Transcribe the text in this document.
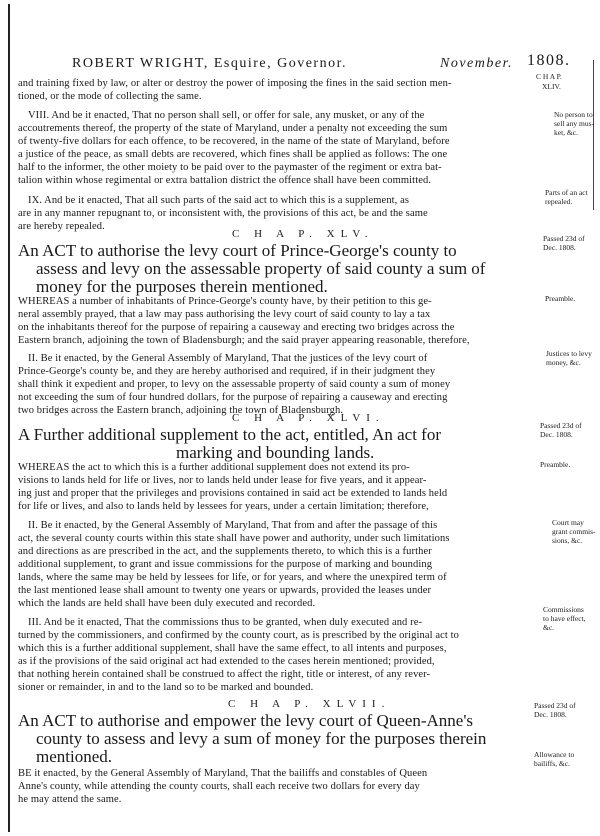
ROBERT WRIGHT, Esquire, Governor.	November. 1808.
and training fixed by law, or alter or destroy the power of imposing the fines in the said section men-
tioned, or the mode of collecting the same.
VIII. And be it enacted, That no person shall sell, or offer for sale, any musket, or any of the
accoutrements thereof, the property of the state of Maryland, under a penalty not exceeding the sum
of twenty-five dollars for each offence, to be recovered, in the name of the state of Maryland, before
a justice of the peace, as small debts are recovered, which fines shall be applied as follows: The one
half to the informer, the other moiety to be paid over to the paymaster of the regiment or extra bat-
talion within whose regimental or extra battalion district the offence shall have been committed.
IX. And be it enacted, That all such parts of the said act to which this is a supplement, as
are in any manner repugnant to, or inconsistent with, the provisions of this act, be and the same
are hereby repealed.
C H A P. XLV.
An ACT to authorise the levy court of Prince-George's county to
assess and levy on the assessable property of said county a sum of
money for the purposes therein mentioned.
WHEREAS a number of inhabitants of Prince-George's county have, by their petition to this ge-
neral assembly prayed, that a law may pass authorising the levy court of said county to lay a tax
on the inhabitants thereof for the purpose of repairing a causeway and erecting two bridges across the
Eastern branch, adjoining the town of Bladensburgh; and the said prayer appearing reasonable, therefore,
II. Be it enacted, by the General Assembly of Maryland, That the justices of the levy court of
Prince-George's county be, and they are hereby authorised and required, if in their judgment they
shall think it expedient and proper, to levy on the assessable property of said county a sum of money
not exceeding the sum of four hundred dollars, for the purpose of repairing a causeway and erecting
two bridges across the Eastern branch, adjoining the town of Bladensburgh.
C H A P. XLVI.
A Further additional supplement to the act, entitled, An act for
marking and bounding lands.
WHEREAS the act to which this is a further additional supplement does not extend its pro-
visions to lands held for life or lives, nor to lands held under lease for five years, and it appear-
ing just and proper that the privileges and provisions contained in said act be extended to lands held
for life or lives, and also to lands held by lessees for years, under a certain limitation; therefore,
II. Be it enacted, by the General Assembly of Maryland, That from and after the passage of this
act, the several county courts within this state shall have power and authority, under such limitations
and directions as are prescribed in the act, and the supplements thereto, to which this is a further
additional supplement, to grant and issue commissions for the purpose of marking and bounding
lands, where the same may be held by lessees for life, or for years, and where the unexpired term of
the last mentioned lease shall amount to twenty one years or upwards, provided the leases under
which the lands are held shall have been duly executed and recorded.
III. And be it enacted, That the commissions thus to be granted, when duly executed and re-
turned by the commissioners, and confirmed by the county court, as is prescribed by the original act to
which this is a further additional supplement, shall have the same effect, to all intents and purposes,
as if the provisions of the said original act had extended to the cases herein mentioned; provided,
that nothing herein contained shall be construed to affect the right, title or interest, of any rever-
sioner or remainder, in and to the land so to be marked and bounded.
C H A P. XLVII.
An ACT to authorise and empower the levy court of Queen-Anne's
county to assess and levy a sum of money for the purposes therein
mentioned.
BE it enacted, by the General Assembly of Maryland, That the bailiffs and constables of Queen
Anne's county, while attending the county courts, shall each receive two dollars for every day
he may attend the same.
C H A P.
XLIV.
No person to
sell any mus-
ket, &c.
Parts of an act
repealed.
Passed 23d of
Dec. 1808.
Preamble.
Justices to levy
money, &c.
Passed 23d of
Dec. 1808.
Preamble.
Court may
grant commis-
sions, &c.
Commissions
to have effect,
&c.
Passed 23d of
Dec. 1808.
Allowance to
bailiffs, &c.
